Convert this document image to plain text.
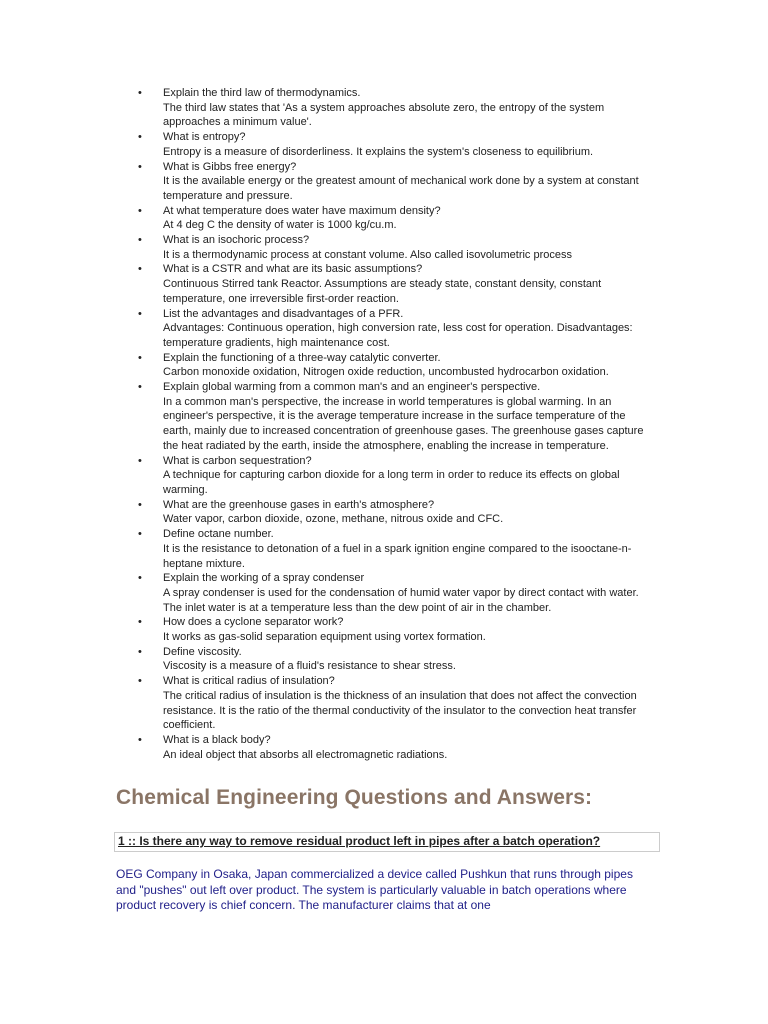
• Explain the third law of thermodynamics.
The third law states that 'As a system approaches absolute zero, the entropy of the system approaches a minimum value'.
• What is entropy?
Entropy is a measure of disorderliness. It explains the system's closeness to equilibrium.
• What is Gibbs free energy?
It is the available energy or the greatest amount of mechanical work done by a system at constant temperature and pressure.
• At what temperature does water have maximum density?
At 4 deg C the density of water is 1000 kg/cu.m.
• What is an isochoric process?
It is a thermodynamic process at constant volume. Also called isovolumetric process
• What is a CSTR and what are its basic assumptions?
Continuous Stirred tank Reactor. Assumptions are steady state, constant density, constant temperature, one irreversible first-order reaction.
• List the advantages and disadvantages of a PFR.
Advantages: Continuous operation, high conversion rate, less cost for operation. Disadvantages: temperature gradients, high maintenance cost.
• Explain the functioning of a three-way catalytic converter.
Carbon monoxide oxidation, Nitrogen oxide reduction, uncombusted hydrocarbon oxidation.
• Explain global warming from a common man's and an engineer's perspective.
In a common man's perspective, the increase in world temperatures is global warming. In an engineer's perspective, it is the average temperature increase in the surface temperature of the earth, mainly due to increased concentration of greenhouse gases. The greenhouse gases capture the heat radiated by the earth, inside the atmosphere, enabling the increase in temperature.
• What is carbon sequestration?
A technique for capturing carbon dioxide for a long term in order to reduce its effects on global warming.
• What are the greenhouse gases in earth's atmosphere?
Water vapor, carbon dioxide, ozone, methane, nitrous oxide and CFC.
• Define octane number.
It is the resistance to detonation of a fuel in a spark ignition engine compared to the isooctane-n-heptane mixture.
• Explain the working of a spray condenser
A spray condenser is used for the condensation of humid water vapor by direct contact with water. The inlet water is at a temperature less than the dew point of air in the chamber.
• How does a cyclone separator work?
It works as gas-solid separation equipment using vortex formation.
• Define viscosity.
Viscosity is a measure of a fluid's resistance to shear stress.
• What is critical radius of insulation?
The critical radius of insulation is the thickness of an insulation that does not affect the convection resistance. It is the ratio of the thermal conductivity of the insulator to the convection heat transfer coefficient.
• What is a black body?
An ideal object that absorbs all electromagnetic radiations.
Chemical Engineering Questions and Answers:
1 :: Is there any way to remove residual product left in pipes after a batch operation?

OEG Company in Osaka, Japan commercialized a device called Pushkun that runs through pipes and "pushes" out left over product. The system is particularly valuable in batch operations where product recovery is chief concern. The manufacturer claims that at one
